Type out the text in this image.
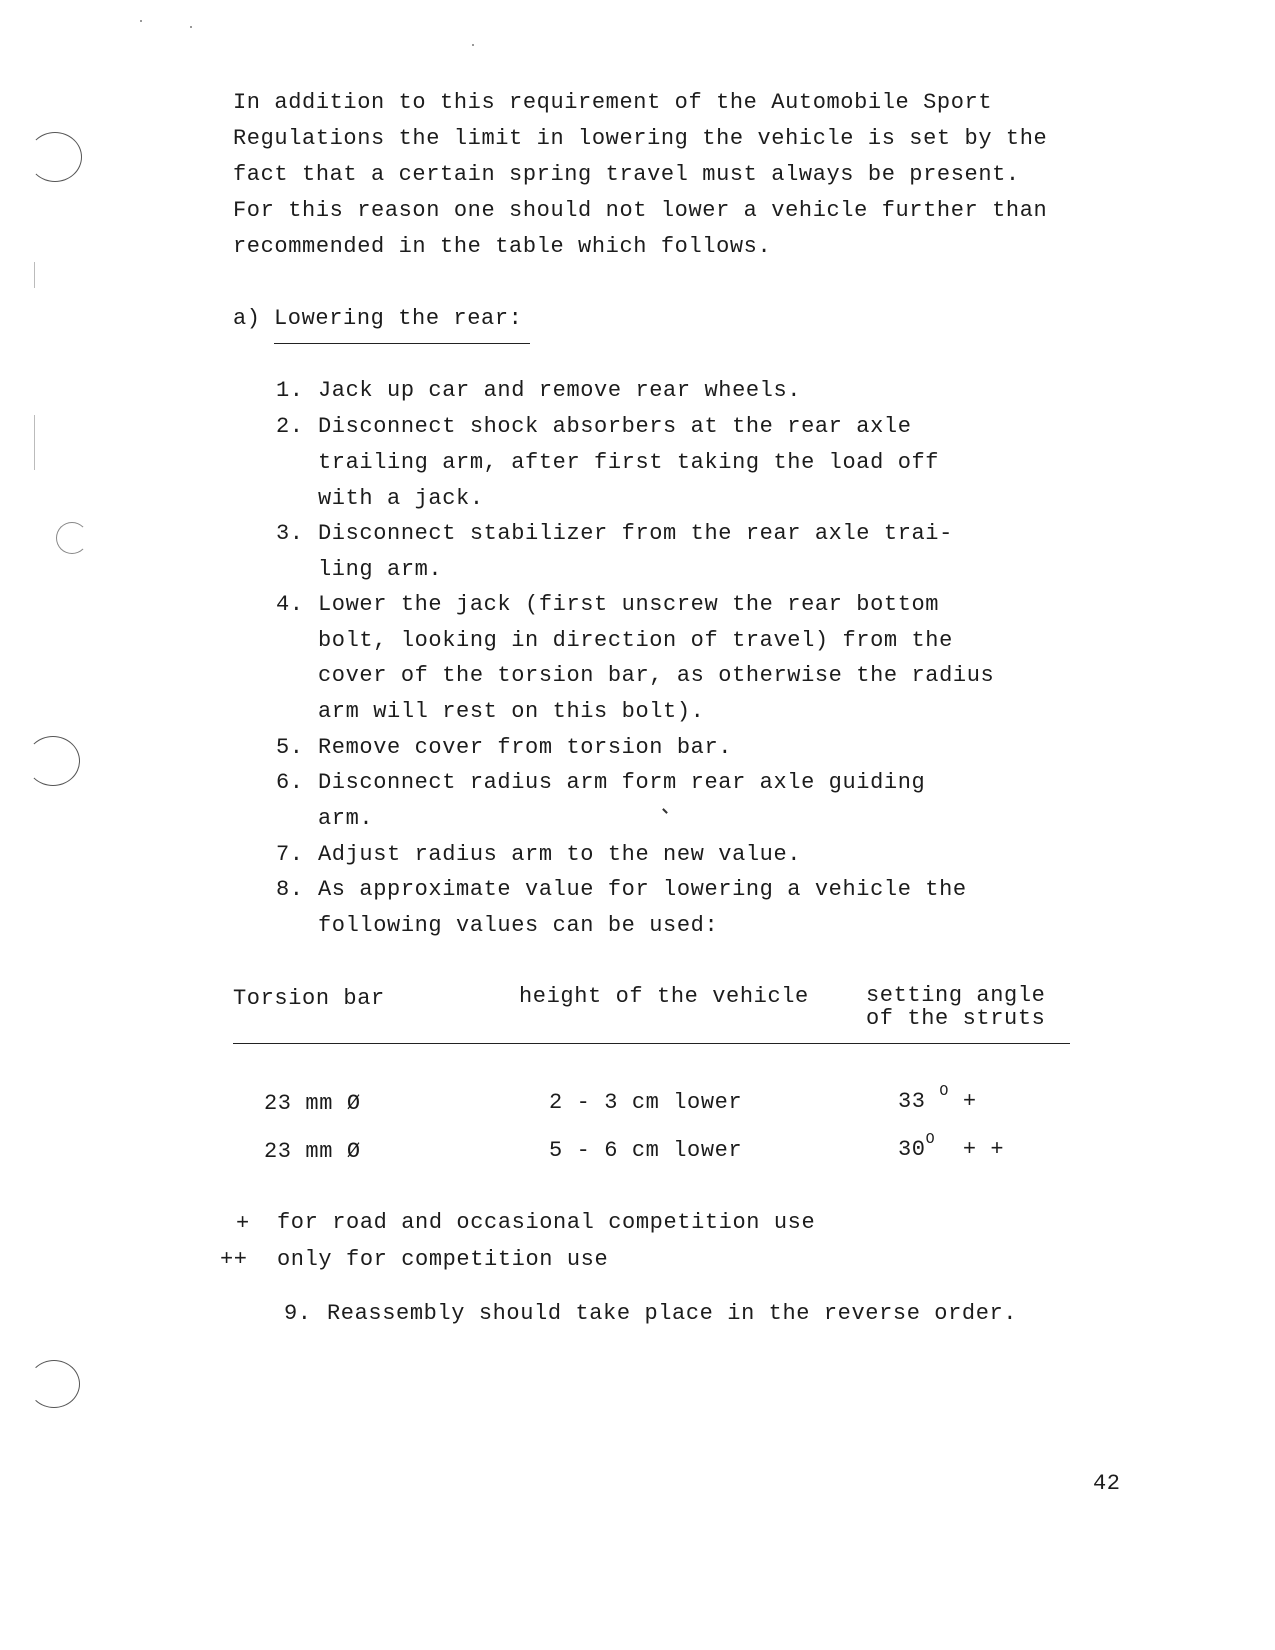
In addition to this requirement of the Automobile Sport
Regulations the limit in lowering the vehicle is set by the
fact that a certain spring travel must always be present.
For this reason one should not lower a vehicle further than
recommended in the table which follows.
a) Lowering the rear:
1. Jack up car and remove rear wheels.
2. Disconnect shock absorbers at the rear axle
trailing arm, after first taking the load off
with a jack.
3. Disconnect stabilizer from the rear axle trai-
ling arm.
4. Lower the jack (first unscrew the rear bottom
bolt, looking in direction of travel) from the
cover of the torsion bar, as otherwise the radius
arm will rest on this bolt).
5. Remove cover from torsion bar.
6. Disconnect radius arm form rear axle guiding
arm.
7. Adjust radius arm to the new value.
8. As approximate value for lowering a vehicle the
following values can be used:
Torsion bar	height of the vehicle	setting angle
of the struts
23 mm Ø	2 - 3 cm lower	33 $^O$ +
23 mm Ø	5 - 6 cm lower	$30^O$ + +
+ for road and occasional competition use
++ only for competition use
9. Reassembly should take place in the reverse order.
42
